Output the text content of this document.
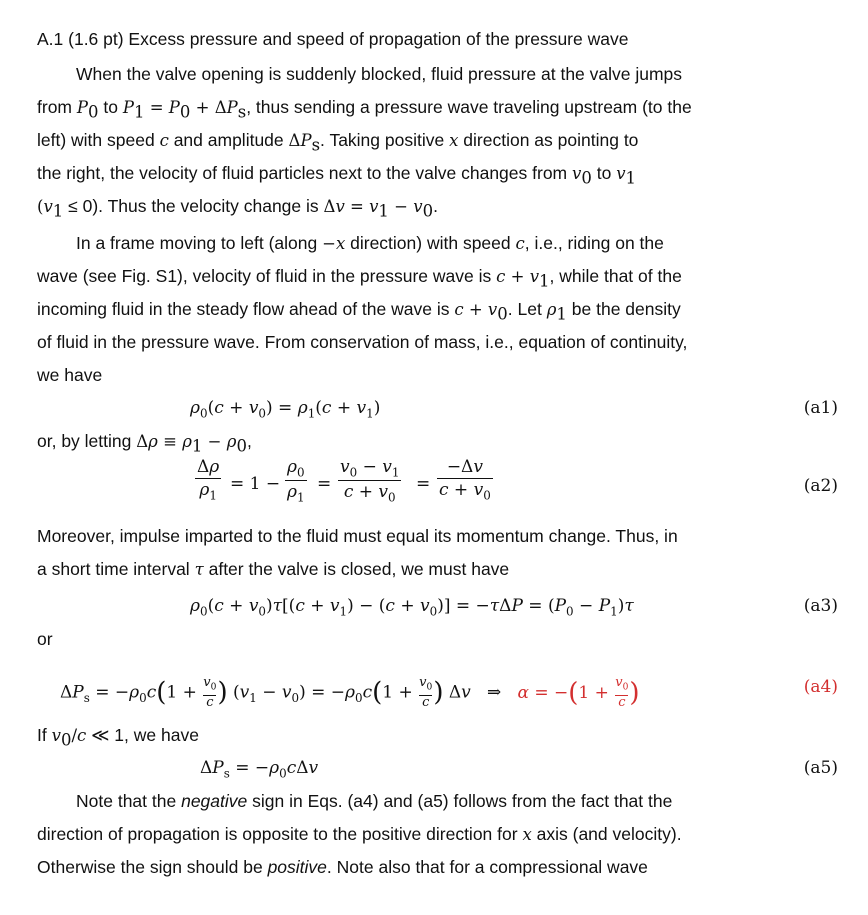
A.1 (1.6 pt) Excess pressure and speed of propagation of the pressure wave
When the valve opening is suddenly blocked, fluid pressure at the valve jumps
from $P_0$ to $P_1 = P_0 + \Delta P_s$, thus sending a pressure wave traveling upstream (to the
left) with speed c and amplitude $\Delta P_s$. Taking positive x direction as pointing to
the right, the velocity of fluid particles next to the valve changes from $v_0$ to $v_1$
$(v_1 \le 0)$. Thus the velocity change is $\Delta v = v_1 - v_0$.
In a frame moving to left (along −x direction) with speed c, i.e., riding on the
wave (see Fig. S1), velocity of fluid in the pressure wave is $c + v_1$, while that of the
incoming fluid in the steady flow ahead of the wave is $c + v_0$. Let $\rho_1$ be the density
of fluid in the pressure wave. From conservation of mass, i.e., equation of continuity,
we have
$\rho_0(c + v_0) = \rho_1(c + v_1)$	(a1)
or, by letting $\Delta\rho \equiv \rho_1 - \rho_0$,
Δρ
$\rho_1$
= 1 −
$\rho_0$
$\rho_1$
=
$v_0 - v_1$
$c + v_0$
=
−Δv
$c + v_0$	(a2)
Moreover, impulse imparted to the fluid must equal its momentum change. Thus, in
a short time interval τ after the valve is closed, we must have
$\rho_0(c + v_0)\tau[(c + v_1) - (c + v_0)] = -\tau\Delta P = (P_0 - P_1)\tau$	(a3)
or
$\Delta P_s = -\rho_0c(1 + \frac{v_0}{c}$ ) $(v_1 - v_0) = -\rho_0c(1 + \frac{v_0}{c}$ ) Δv ⇒ $\alpha = -(1 + \frac{v_0}{c}$ )	(a4)
If $v_0/c$ ≪ 1, we have
$\Delta P_s = -\rho_0c\Delta v$	(a5)
Note that the negative sign in Eqs. (a4) and (a5) follows from the fact that the
direction of propagation is opposite to the positive direction for x axis (and velocity).
Otherwise the sign should be positive. Note also that for a compressional wave
